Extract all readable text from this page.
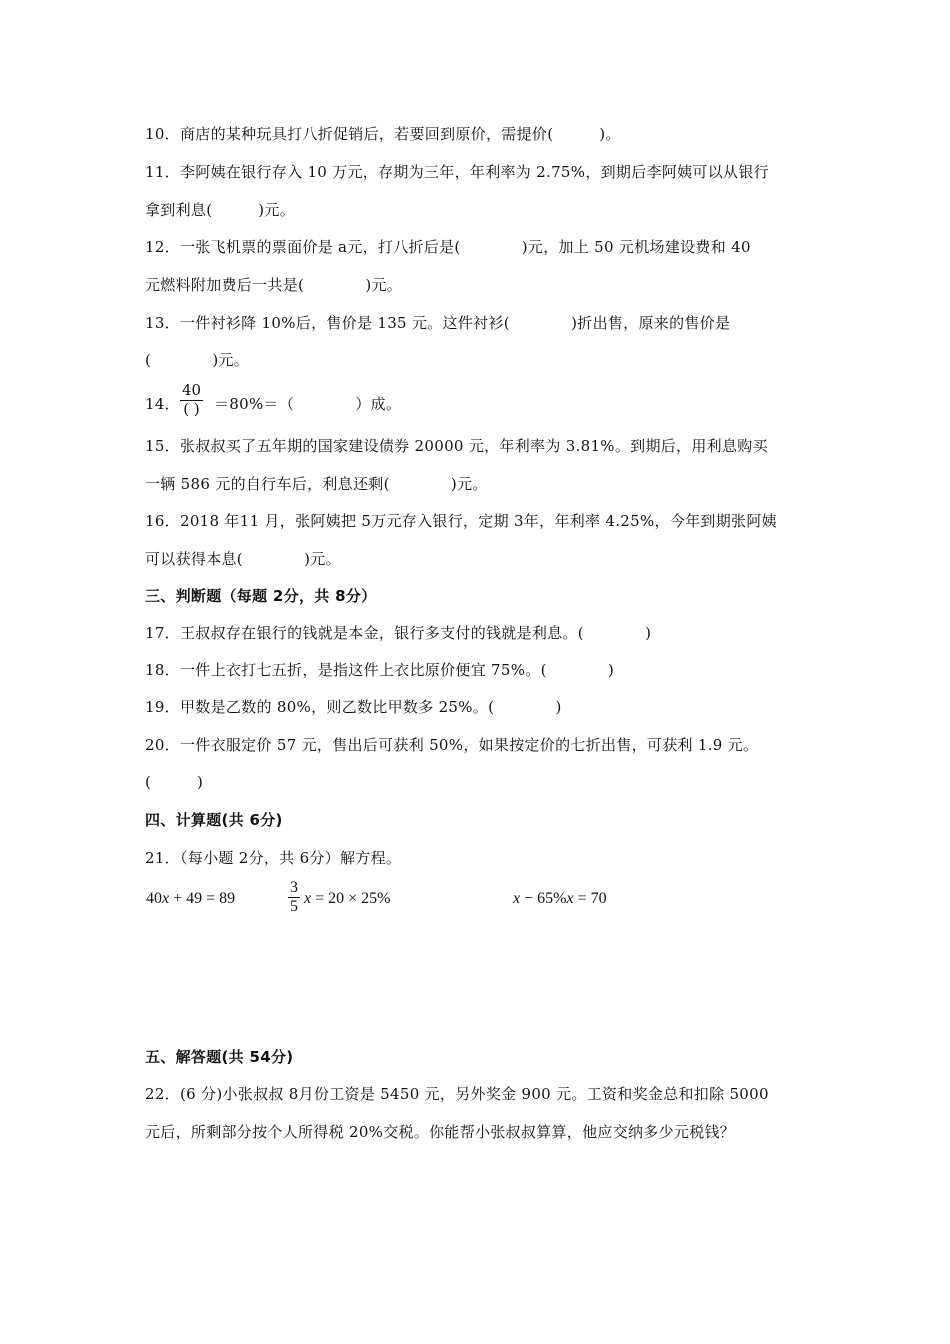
10．商店的某种玩具打八折促销后，若要回到原价，需提价(　　　)。
11．李阿姨在银行存入 10 万元，存期为三年，年利率为 2.75%，到期后李阿姨可以从银行
拿到利息(　　　)元。
12．一张飞机票的票面价是 a元，打八折后是(　　　　)元，加上 50 元机场建设费和 40
元燃料附加费后一共是(　　　　)元。
13．一件衬衫降 10%后，售价是 135 元。这件衬衫(　　　　)折出售，原来的售价是
(　　　　)元。
14．
40
( ) ＝80%＝（　　　　）成。
15．张叔叔买了五年期的国家建设债券 20000 元，年利率为 3.81%。到期后，用利息购买
一辆 586 元的自行车后，利息还剩(　　　　)元。
16．2018 年11 月，张阿姨把 5万元存入银行，定期 3年，年利率 4.25%，今年到期张阿姨
可以获得本息(　　　　)元。
三、判断题（每题 2分，共 8分）
17．王叔叔存在银行的钱就是本金，银行多支付的钱就是利息。(　　　　)
18．一件上衣打七五折，是指这件上衣比原价便宜 75%。(　　　　)
19．甲数是乙数的 80%，则乙数比甲数多 25%。(　　　　)
20．一件衣服定价 57 元，售出后可获利 50%，如果按定价的七折出售，可获利 1.9 元。
(　　　)
四、计算题(共 6分)
21．（每小题 2分，共 6分）解方程。
40x + 49 = 89
3
5 x = 20 × 25%	x − 65%x = 70
五、解答题(共 54分)
22．(6 分)小张叔叔 8月份工资是 5450 元，另外奖金 900 元。工资和奖金总和扣除 5000
元后，所剩部分按个人所得税 20%交税。你能帮小张叔叔算算，他应交纳多少元税钱？
